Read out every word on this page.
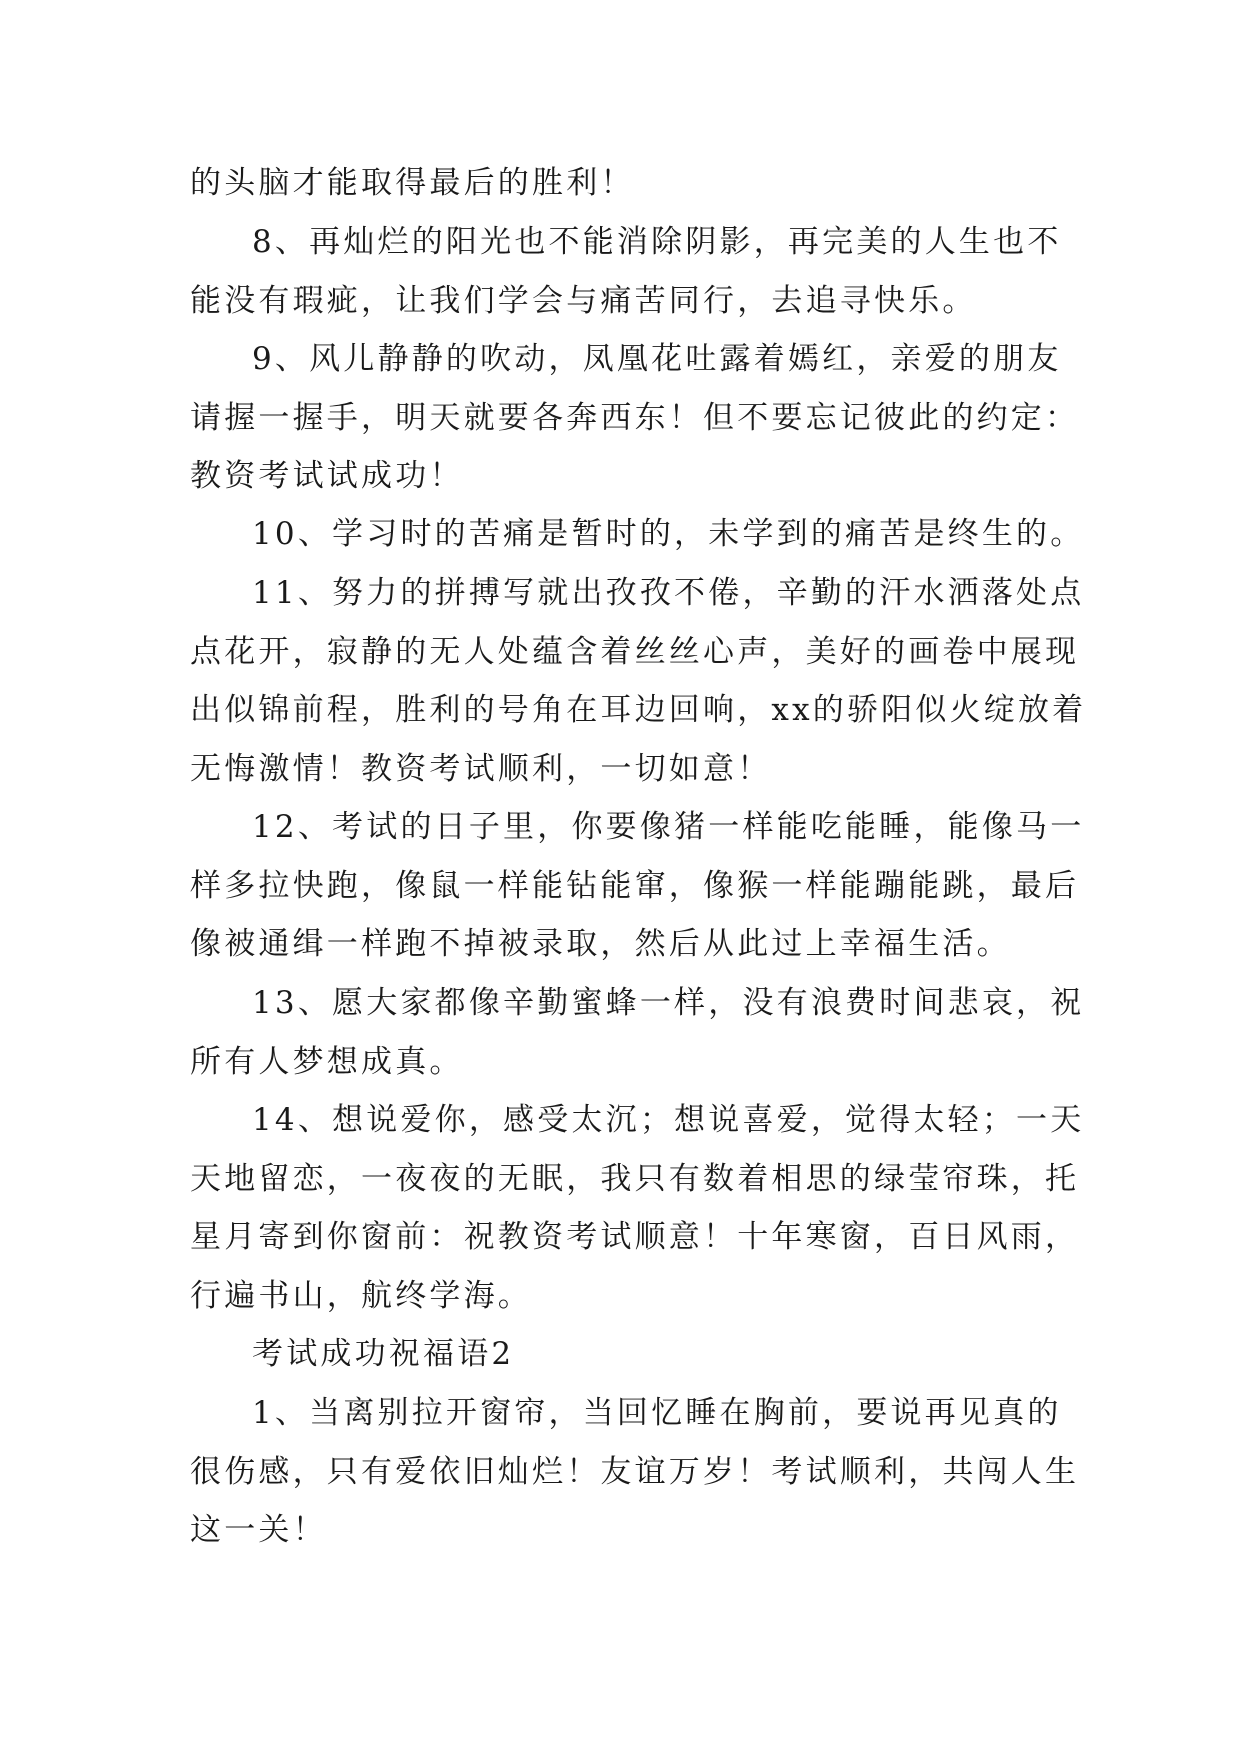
的头脑才能取得最后的胜利！
8、再灿烂的阳光也不能消除阴影，再完美的人生也不
能没有瑕疵，让我们学会与痛苦同行，去追寻快乐。
9、风儿静静的吹动，凤凰花吐露着嫣红，亲爱的朋友
请握一握手，明天就要各奔西东！但不要忘记彼此的约定：
教资考试试成功！
10、学习时的苦痛是暂时的，未学到的痛苦是终生的。
11、努力的拼搏写就出孜孜不倦，辛勤的汗水洒落处点
点花开，寂静的无人处蕴含着丝丝心声，美好的画卷中展现
出似锦前程，胜利的号角在耳边回响，xx的骄阳似火绽放着
无悔激情！教资考试顺利，一切如意！
12、考试的日子里，你要像猪一样能吃能睡，能像马一
样多拉快跑，像鼠一样能钻能窜，像猴一样能蹦能跳，最后
像被通缉一样跑不掉被录取，然后从此过上幸福生活。
13、愿大家都像辛勤蜜蜂一样，没有浪费时间悲哀，祝
所有人梦想成真。
14、想说爱你，感受太沉；想说喜爱，觉得太轻；一天
天地留恋，一夜夜的无眠，我只有数着相思的绿莹帘珠，托
星月寄到你窗前：祝教资考试顺意！十年寒窗，百日风雨，
行遍书山，航终学海。
考试成功祝福语2
1、当离别拉开窗帘，当回忆睡在胸前，要说再见真的
很伤感，只有爱依旧灿烂！友谊万岁！考试顺利，共闯人生
这一关！
